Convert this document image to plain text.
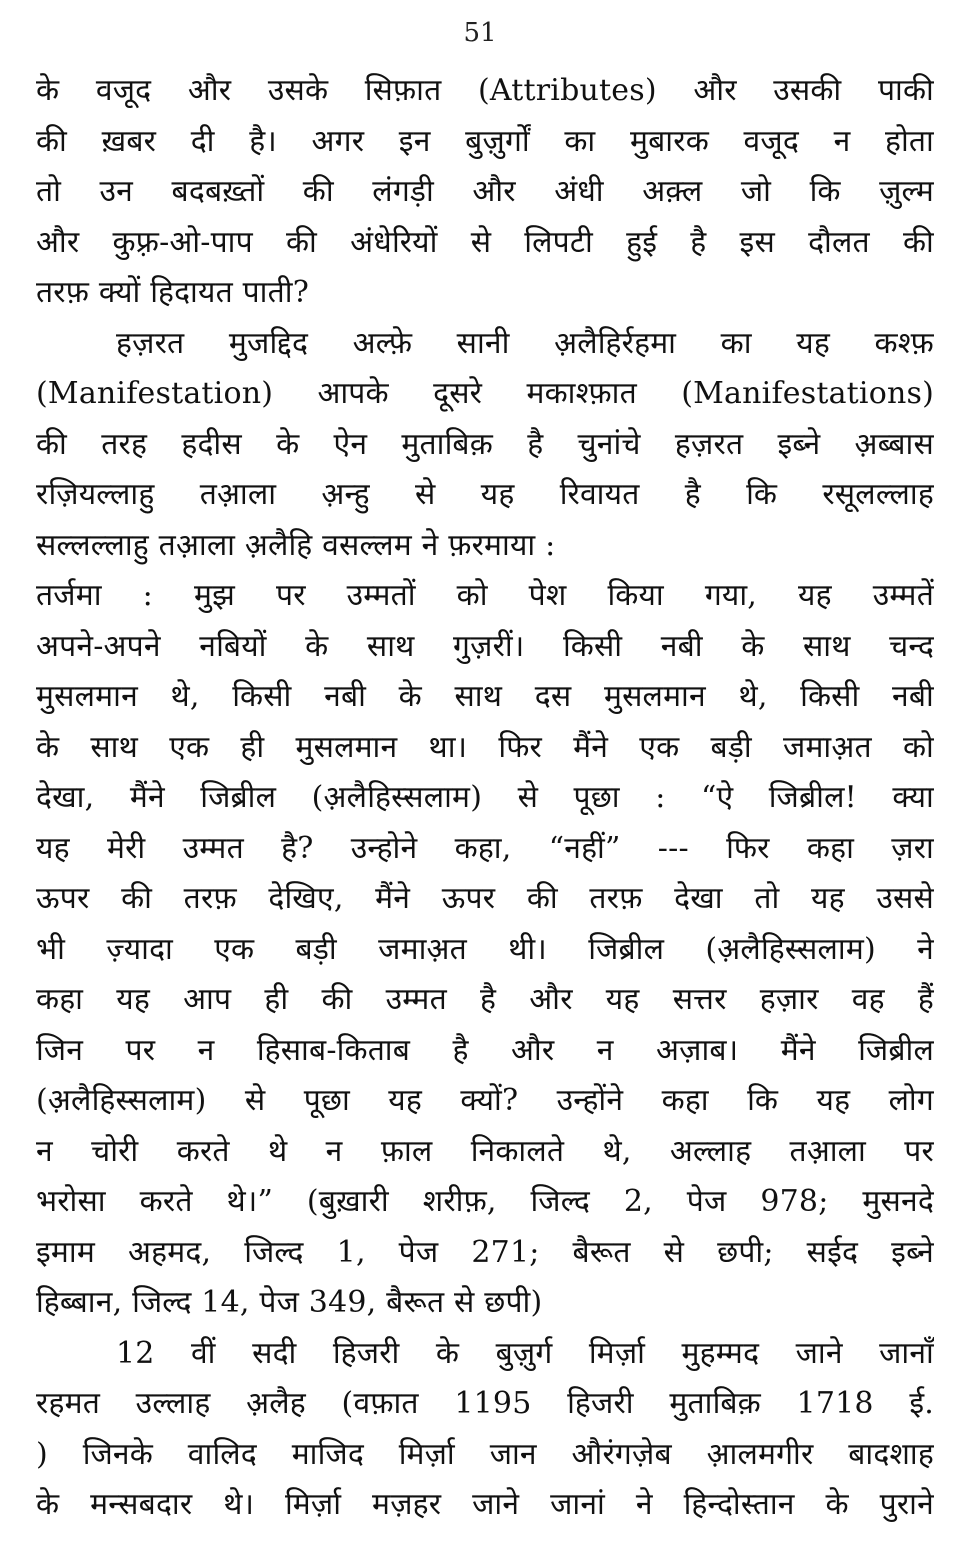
51
के वजूद और उसके सिफ़ात (Attributes) और उसकी पाकी
की ख़बर दी है। अगर इन बुज़ुर्गों का मुबारक वजूद न होता
तो उन बदबख़्तों की लंगड़ी और अंधी अक़्ल जो कि ज़ुल्म
और कुफ़्र-ओ-पाप की अंधेरियों से लिपटी हुई है इस दौलत की
तरफ़ क्यों हिदायत पाती?
हज़रत मुजद्दिद अल्फ़े सानी अ़लैहिर्रहमा का यह कश्फ़
(Manifestation) आपके दूसरे मकाश्फ़ात (Manifestations)
की तरह हदीस के ऐन मुताबिक़ है चुनांचे हज़रत इब्ने अ़ब्बास
रज़ियल्लाहु तआ़ला अ़न्हु से यह रिवायत है कि रसूलल्लाह
सल्लल्लाहु तआ़ला अ़लैहि वसल्लम ने फ़रमाया :
तर्जमा : मुझ पर उम्मतों को पेश किया गया, यह उम्मतें
अपने-अपने नबियों के साथ गुज़रीं। किसी नबी के साथ चन्द
मुसलमान थे, किसी नबी के साथ दस मुसलमान थे, किसी नबी
के साथ एक ही मुसलमान था। फिर मैंने एक बड़ी जमाअ़त को
देखा, मैंने जिब्रील (अ़लैहिस्सलाम) से पूछा : “ऐ जिब्रील! क्या
यह मेरी उम्मत है? उन्होने कहा, “नहीं” --- फिर कहा ज़रा
ऊपर की तरफ़ देखिए, मैंने ऊपर की तरफ़ देखा तो यह उससे
भी ज़्यादा एक बड़ी जमाअ़त थी। जिब्रील (अ़लैहिस्सलाम) ने
कहा यह आप ही की उम्मत है और यह सत्तर हज़ार वह हैं
जिन पर न हिसाब-किताब है और न अज़ाब। मैंने जिब्रील
(अ़लैहिस्सलाम) से पूछा यह क्यों? उन्होंने कहा कि यह लोग
न चोरी करते थे न फ़ाल निकालते थे, अल्लाह तआ़ला पर
भरोसा करते थे।” (बुख़ारी शरीफ़, जिल्द 2, पेज 978; मुसनदे
इमाम अहमद, जिल्द 1, पेज 271; बैरूत से छपी; सईद इब्ने
हिब्बान, जिल्द 14, पेज 349, बैरूत से छपी)
12 वीं सदी हिजरी के बुज़ुर्ग मिर्ज़ा मुहम्मद जाने जानाँ
रहमत उल्लाह अ़लैह (वफ़ात 1195 हिजरी मुताबिक़ 1718 ई.
) जिनके वालिद माजिद मिर्ज़ा जान औरंगज़ेब आ़लमगीर बादशाह
के मन्सबदार थे। मिर्ज़ा मज़हर जाने जानां ने हिन्दोस्तान के पुराने
